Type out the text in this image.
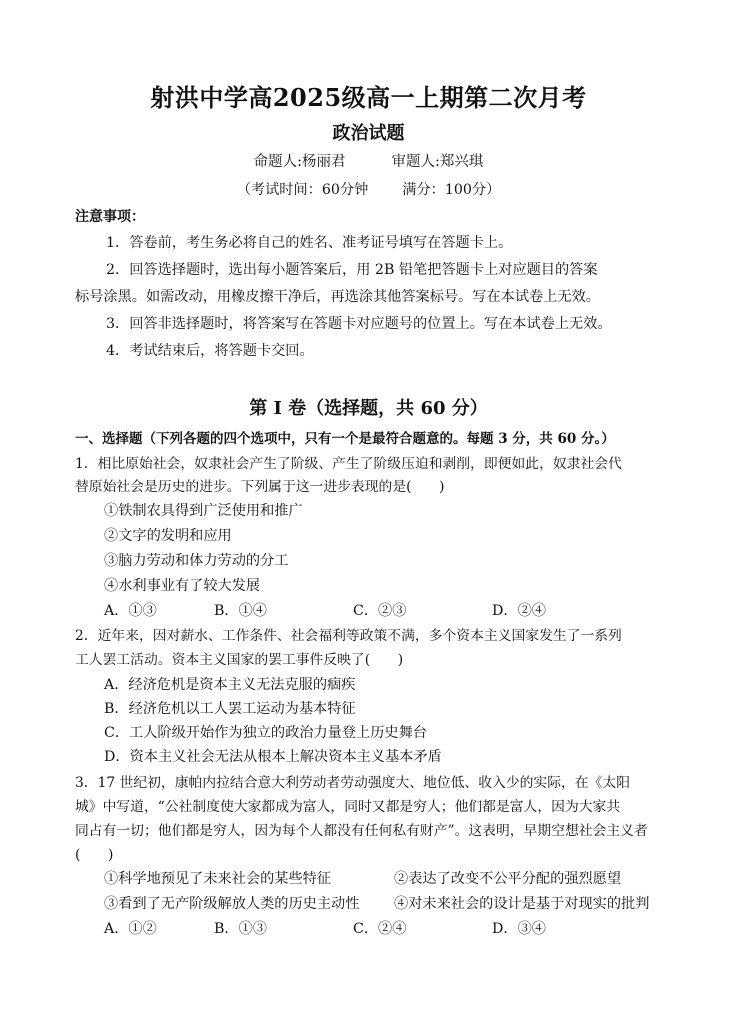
射洪中学高2025级高一上期第二次月考
政治试题
命题人:杨丽君	审题人:郑兴琪
（考试时间：60分钟 满分：100分）
注意事项：
1．答卷前，考生务必将自己的姓名、准考证号填写在答题卡上。
2．回答选择题时，选出每小题答案后，用 2B 铅笔把答题卡上对应题目的答案
标号涂黑。如需改动，用橡皮擦干净后，再选涂其他答案标号。写在本试卷上无效。
3．回答非选择题时，将答案写在答题卡对应题号的位置上。写在本试卷上无效。
4．考试结束后，将答题卡交回。
第 I 卷（选择题，共 60 分）
一、选择题（下列各题的四个选项中，只有一个是最符合题意的。每题 3 分，共 60 分。）
1．相比原始社会，奴隶社会产生了阶级、产生了阶级压迫和剥削，即便如此，奴隶社会代
替原始社会是历史的进步。下列属于这一进步表现的是(　　)
①铁制农具得到广泛使用和推广
②文字的发明和应用
③脑力劳动和体力劳动的分工
④水利事业有了较大发展
A．①③	B．①④	C．②③	D．②④
2．近年来，因对薪水、工作条件、社会福利等政策不满，多个资本主义国家发生了一系列
工人罢工活动。资本主义国家的罢工事件反映了(　　)
A．经济危机是资本主义无法克服的痼疾
B．经济危机以工人罢工运动为基本特征
C．工人阶级开始作为独立的政治力量登上历史舞台
D．资本主义社会无法从根本上解决资本主义基本矛盾
3．17 世纪初，康帕内拉结合意大利劳动者劳动强度大、地位低、收入少的实际，在《太阳
城》中写道，“公社制度使大家都成为富人，同时又都是穷人；他们都是富人，因为大家共
同占有一切；他们都是穷人，因为每个人都没有任何私有财产”。这表明，早期空想社会主义者
(　　)
①科学地预见了未来社会的某些特征	②表达了改变不公平分配的强烈愿望
③看到了无产阶级解放人类的历史主动性 ④对未来社会的设计是基于对现实的批判
A．①②	B．①③	C．②④	D．③④
